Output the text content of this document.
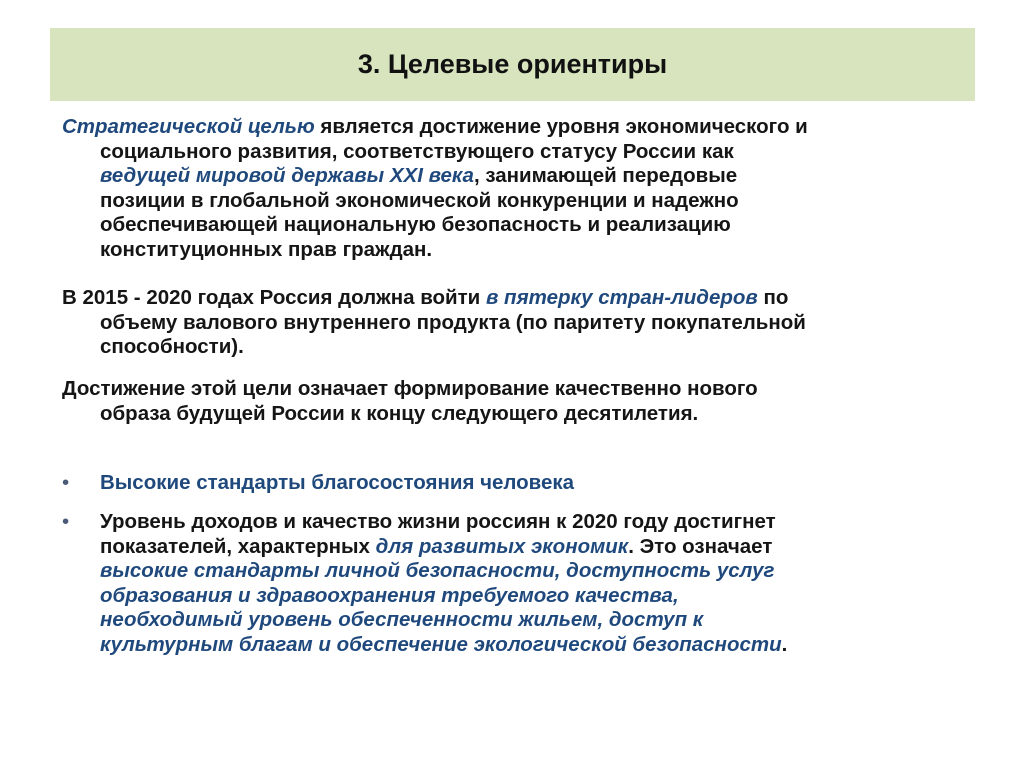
3. Целевые ориентиры
Стратегической целью является достижение уровня экономического и
социального развития, соответствующего статусу России как
ведущей мировой державы XXI века, занимающей передовые
позиции в глобальной экономической конкуренции и надежно
обеспечивающей национальную безопасность и реализацию
конституционных прав граждан.
В 2015 - 2020 годах Россия должна войти в пятерку стран-лидеров по
объему валового внутреннего продукта (по паритету покупательной
способности).
Достижение этой цели означает формирование качественно нового
образа будущей России к концу следующего десятилетия.
• Высокие стандарты благосостояния человека
• Уровень доходов и качество жизни россиян к 2020 году достигнет
показателей, характерных для развитых экономик. Это означает
высокие стандарты личной безопасности, доступность услуг
образования и здравоохранения требуемого качества,
необходимый уровень обеспеченности жильем, доступ к
культурным благам и обеспечение экологической безопасности.
